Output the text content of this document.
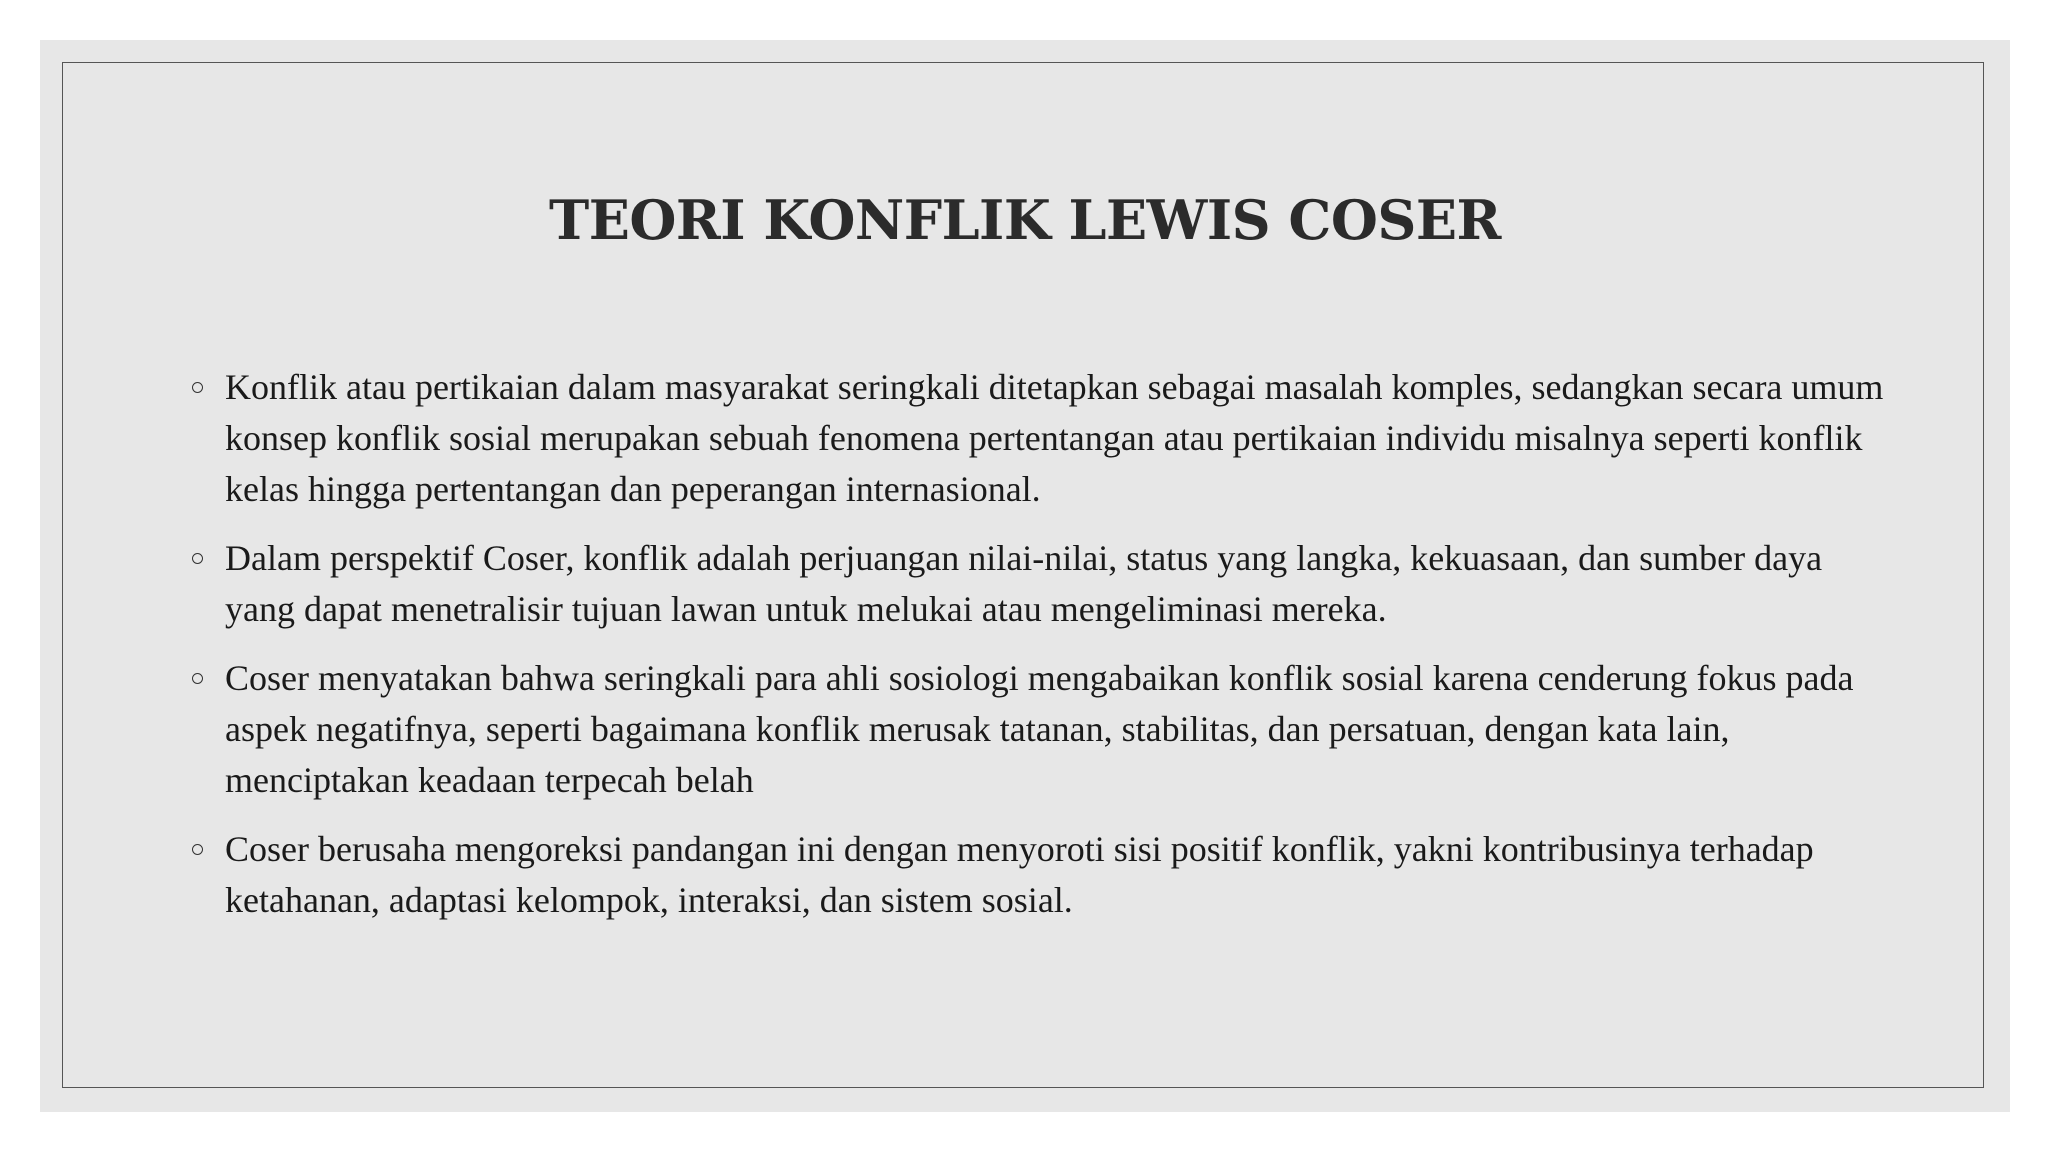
TEORI KONFLIK LEWIS COSER
Konflik atau pertikaian dalam masyarakat seringkali ditetapkan sebagai masalah komples, sedangkan secara umum konsep konflik sosial merupakan sebuah fenomena pertentangan atau pertikaian individu misalnya seperti konflik kelas hingga pertentangan dan peperangan internasional.
Dalam perspektif Coser, konflik adalah perjuangan nilai-nilai, status yang langka, kekuasaan, dan sumber daya yang dapat menetralisir tujuan lawan untuk melukai atau mengeliminasi mereka.
Coser menyatakan bahwa seringkali para ahli sosiologi mengabaikan konflik sosial karena cenderung fokus pada aspek negatifnya, seperti bagaimana konflik merusak tatanan, stabilitas, dan persatuan, dengan kata lain, menciptakan keadaan terpecah belah
Coser berusaha mengoreksi pandangan ini dengan menyoroti sisi positif konflik, yakni kontribusinya terhadap ketahanan, adaptasi kelompok, interaksi, dan sistem sosial.
